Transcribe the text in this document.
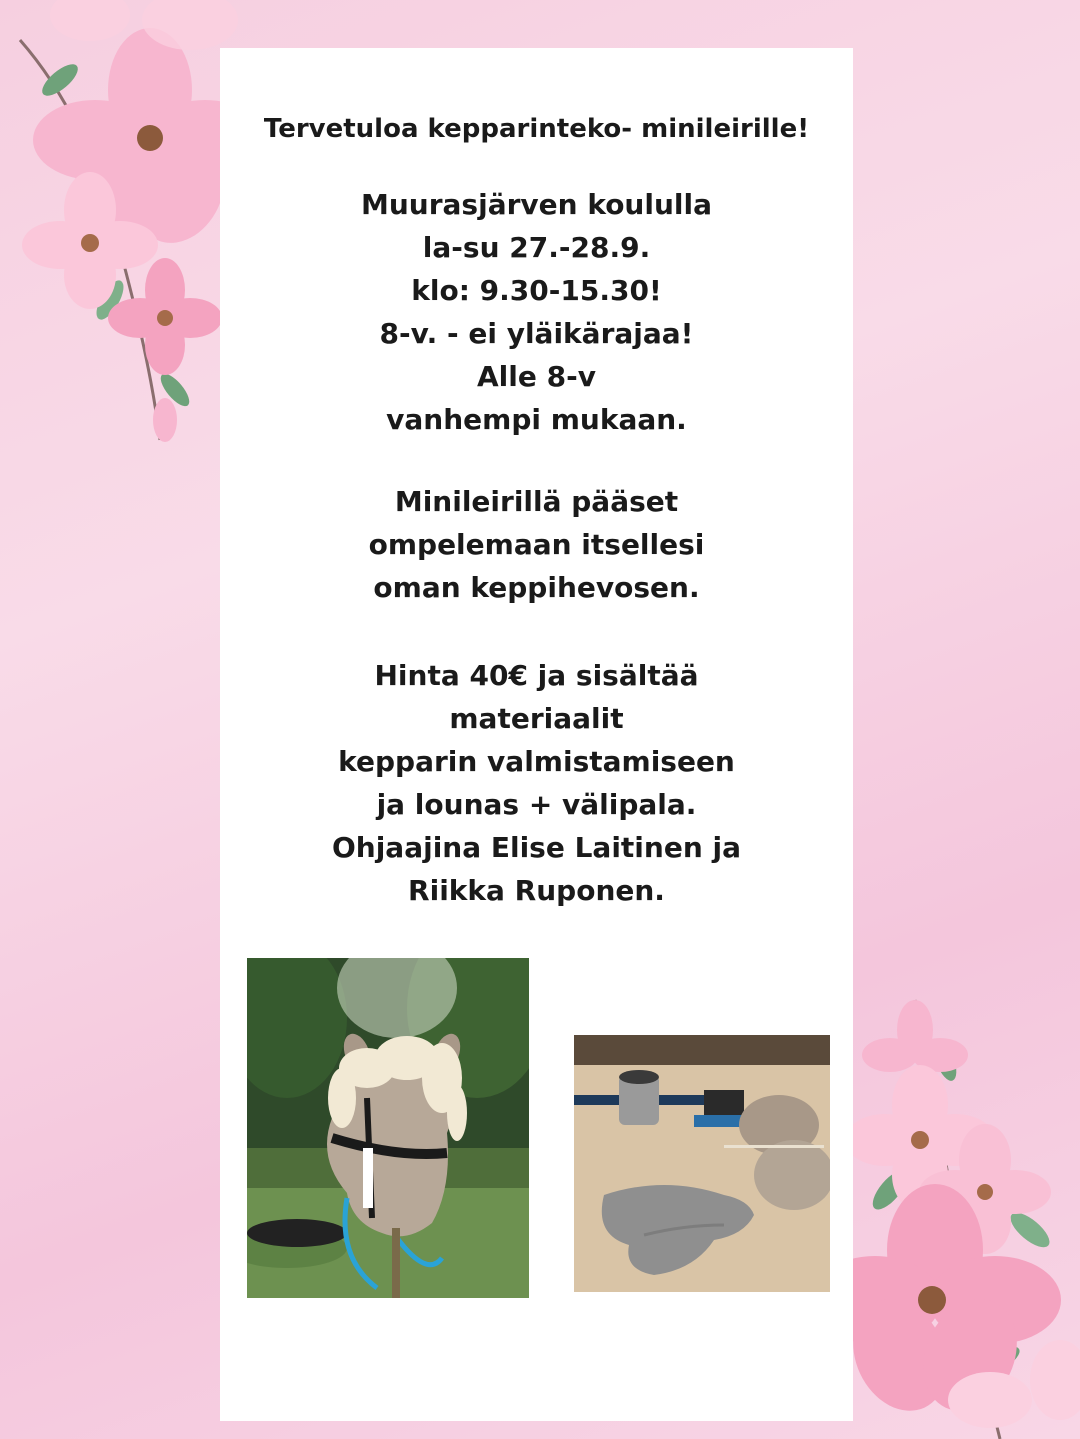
Tervetuloa kepparinteko- minileirille!
Muurasjärven koululla
la-su 27.-28.9.
klo: 9.30-15.30!
8-v. - ei yläikärajaa!
Alle 8-v
vanhempi mukaan.
Minileirillä pääset
ompelemaan itsellesi
oman keppihevosen.
Hinta 40€ ja sisältää
materiaalit
kepparin valmistamiseen
ja lounas + välipala.
Ohjaajina Elise Laitinen ja
Riikka Ruponen.
